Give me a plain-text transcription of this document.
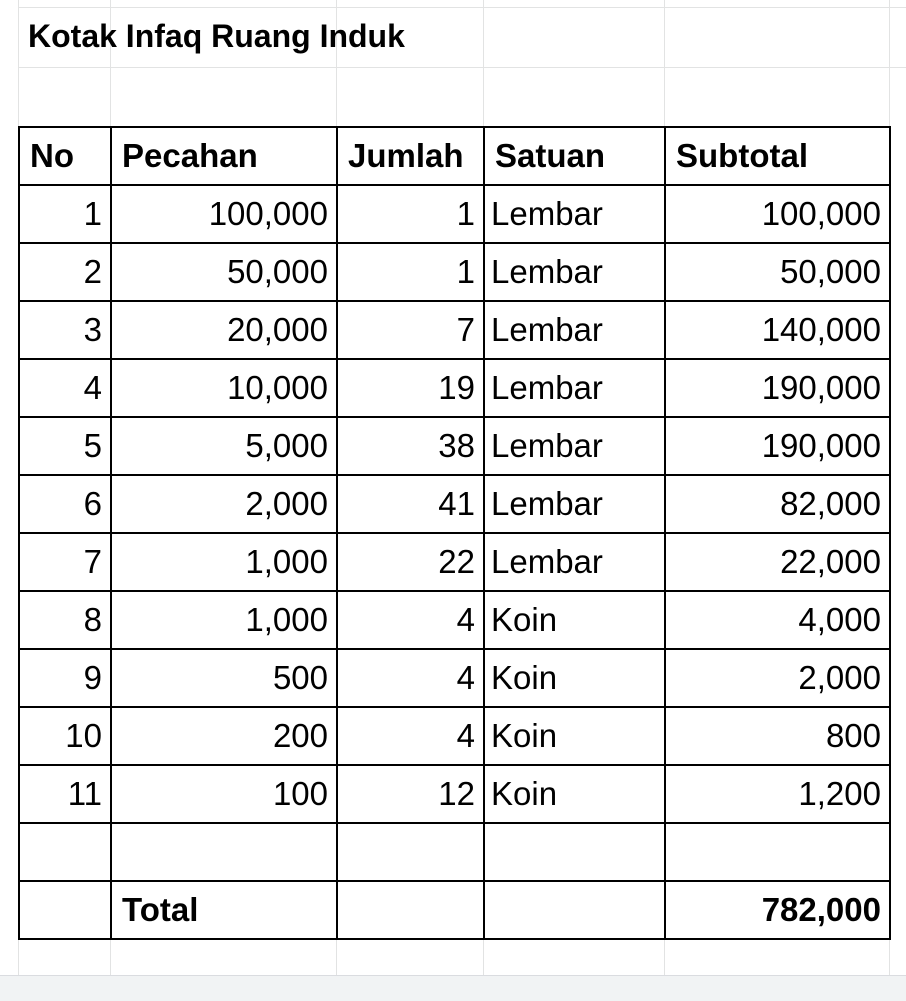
Kotak Infaq Ruang Induk
No	Pecahan	Jumlah	Satuan	Subtotal
1	100,000	1	Lembar	100,000
2	50,000	1	Lembar	50,000
3	20,000	7	Lembar	140,000
4	10,000	19	Lembar	190,000
5	5,000	38	Lembar	190,000
6	2,000	41	Lembar	82,000
7	1,000	22	Lembar	22,000
8	1,000	4	Koin	4,000
9	500	4	Koin	2,000
10	200	4	Koin	800
11	100	12	Koin	1,200

	Total			782,000
